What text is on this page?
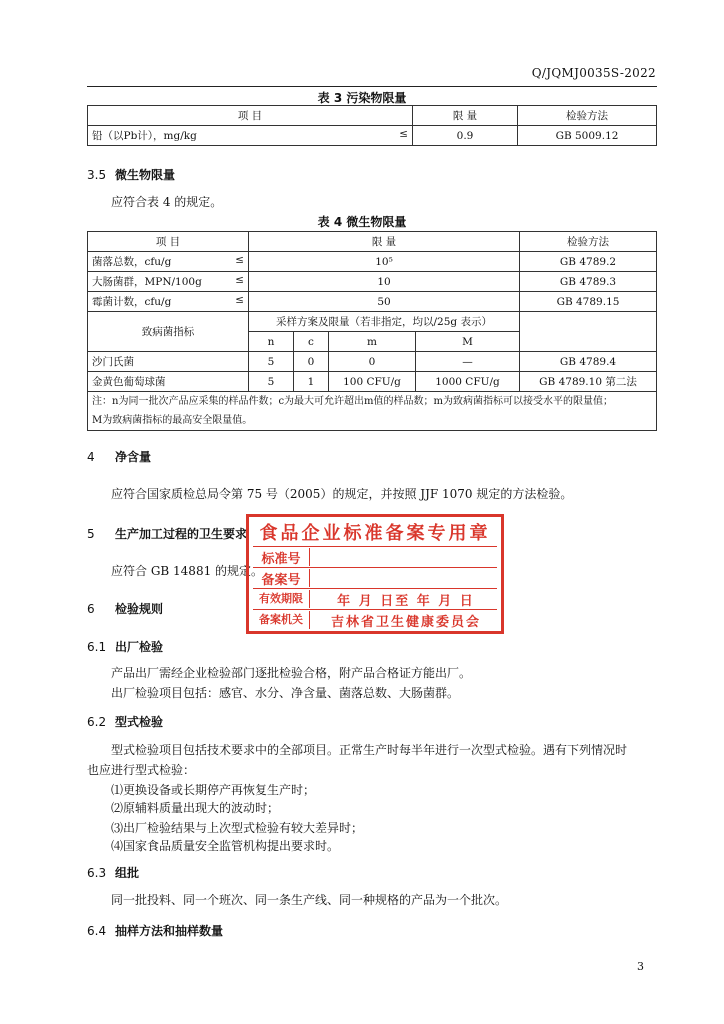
Q/JQMJ0035S-2022
表 3 污染物限量
项 目	限 量	检验方法
铅（以Pb计），mg/kg ≤	0.9	GB 5009.12
3.5 微生物限量
应符合表 4 的规定。
表 4 微生物限量
项 目	限 量				检验方法
菌落总数，cfu/g ≤	10⁵				GB 4789.2
大肠菌群，MPN/100g ≤	10				GB 4789.3
霉菌计数，cfu/g ≤	50				GB 4789.15
致病菌指标	采样方案及限量（若非指定，均以/25g 表示）				
	n	c	m	M	
沙门氏菌	5	0	0	—	GB 4789.4
金黄色葡萄球菌	5	1	100 CFU/g	1000 CFU/g	GB 4789.10 第二法

注：n为同一批次产品应采集的样品件数；c为最大可允许超出m值的样品数；m为致病菌指标可以接受水平的限量值；
M为致病菌指标的最高安全限量值。					
4 净含量
应符合国家质检总局令第 75 号（2005）的规定，并按照 JJF 1070 规定的方法检验。
5 生产加工过程的卫生要求
应符合 GB 14881 的规定。
6 检验规则
6.1 出厂检验
产品出厂需经企业检验部门逐批检验合格，附产品合格证方能出厂。
出厂检验项目包括：感官、水分、净含量、菌落总数、大肠菌群。
6.2 型式检验
型式检验项目包括技术要求中的全部项目。正常生产时每半年进行一次型式检验。遇有下列情况时
也应进行型式检验：
⑴更换设备或长期停产再恢复生产时；
⑵原辅料质量出现大的波动时；
⑶出厂检验结果与上次型式检验有较大差异时；
⑷国家食品质量安全监管机构提出要求时。
6.3 组批
同一批投料、同一个班次、同一条生产线、同一种规格的产品为一个批次。
6.4 抽样方法和抽样数量
食品企业标准备案专用章
标准号
备案号
有效期限	年 月 日至 年 月 日
备案机关	吉林省卫生健康委员会
3
